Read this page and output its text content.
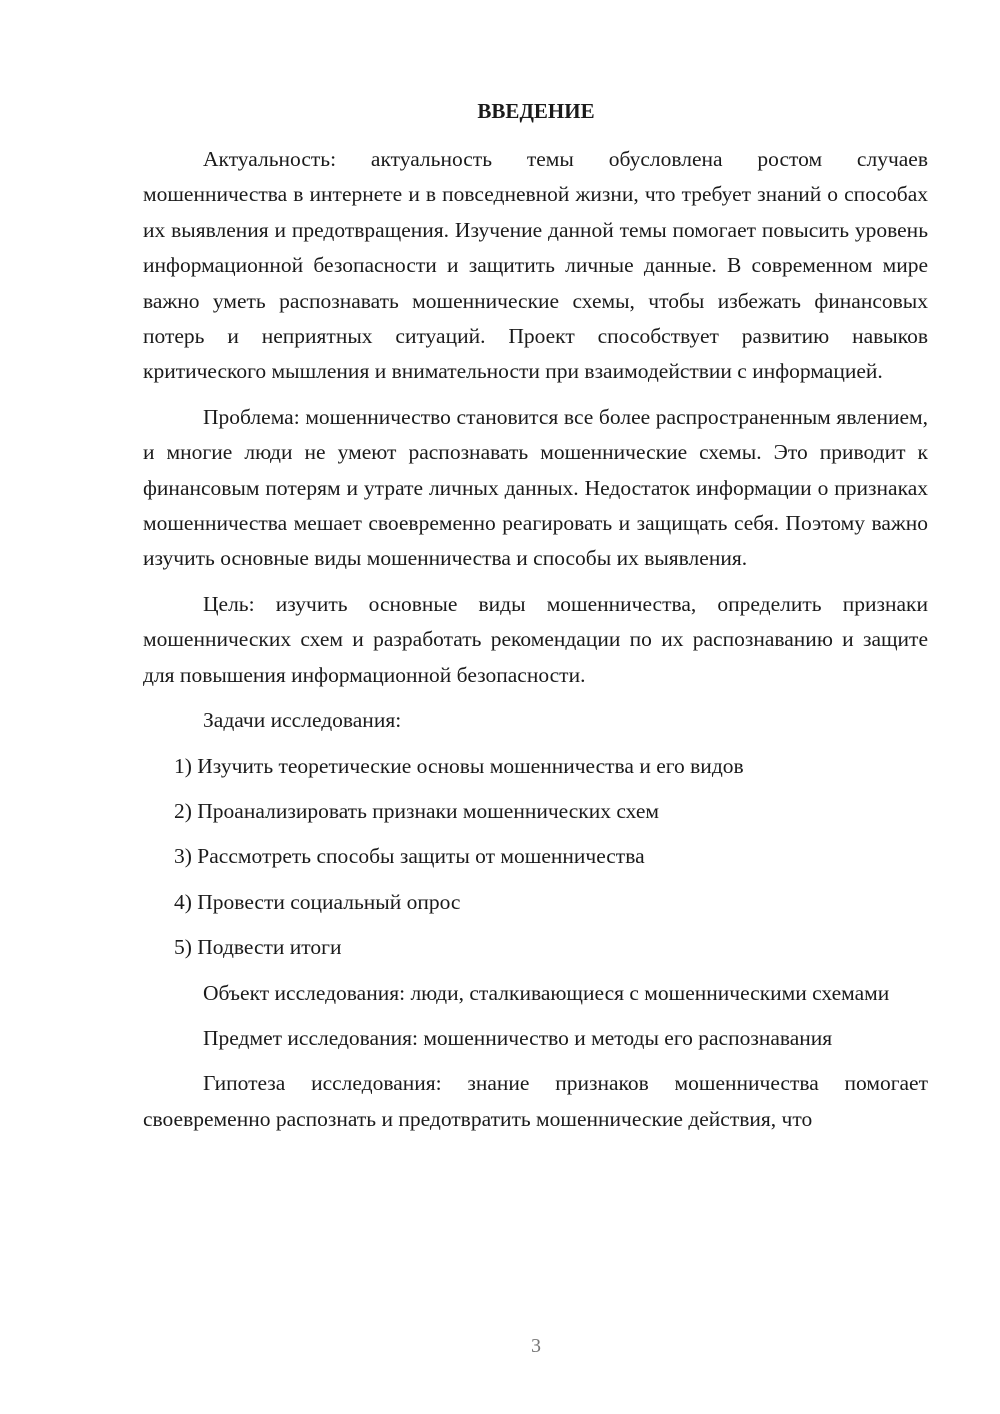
ВВЕДЕНИЕ

Актуальность: актуальность темы обусловлена ростом случаев мошенничества в интернете и в повседневной жизни, что требует знаний о способах их выявления и предотвращения. Изучение данной темы помогает повысить уровень информационной безопасности и защитить личные данные. В современном мире важно уметь распознавать мошеннические схемы, чтобы избежать финансовых потерь и неприятных ситуаций. Проект способствует развитию навыков критического мышления и внимательности при взаимодействии с информацией.

Проблема: мошенничество становится все более распространенным явлением, и многие люди не умеют распознавать мошеннические схемы. Это приводит к финансовым потерям и утрате личных данных. Недостаток информации о признаках мошенничества мешает своевременно реагировать и защищать себя. Поэтому важно изучить основные виды мошенничества и способы их выявления.

Цель: изучить основные виды мошенничества, определить признаки мошеннических схем и разработать рекомендации по их распознаванию и защите для повышения информационной безопасности.

Задачи исследования:

1) Изучить теоретические основы мошенничества и его видов
2) Проанализировать признаки мошеннических схем
3) Рассмотреть способы защиты от мошенничества
4) Провести социальный опрос
5) Подвести итоги

Объект исследования: люди, сталкивающиеся с мошенническими схемами

Предмет исследования: мошенничество и методы его распознавания

Гипотеза исследования: знание признаков мошенничества помогает своевременно распознать и предотвратить мошеннические действия, что

3
